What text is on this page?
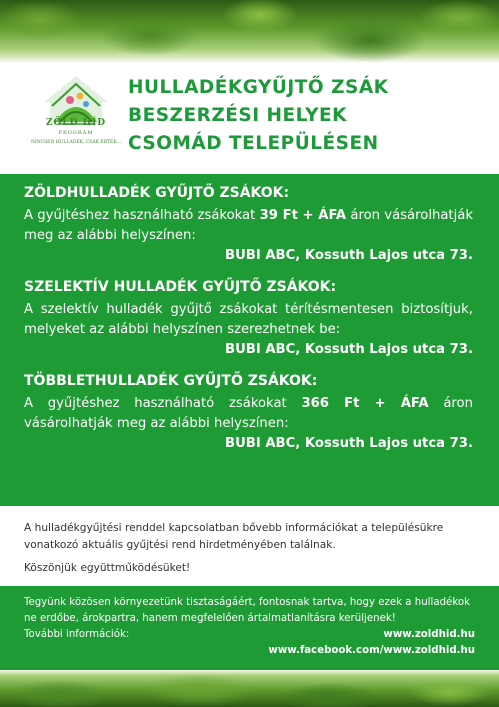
ZÖLD HÍD
PROGRAM
NINCSEN HULLADÉK, CSAK ÉRTÉK...
HULLADÉKGYŰJTŐ ZSÁK
BESZERZÉSI HELYEK
CSOMÁD TELEPÜLÉSEN
ZÖLDHULLADÉK GYŰJTŐ ZSÁKOK:
A gyűjtéshez használható zsákokat 39 Ft + ÁFA áron vásárolhatják meg az alábbi helyszínen:
BUBI ABC, Kossuth Lajos utca 73.
SZELEKTÍV HULLADÉK GYŰJTŐ ZSÁKOK:
A szelektív hulladék gyűjtő zsákokat térítésmentesen biztosítjuk, melyeket az alábbi helyszínen szerezhetnek be:
BUBI ABC, Kossuth Lajos utca 73.
TÖBBLETHULLADÉK GYŰJTŐ ZSÁKOK:
A gyűjtéshez használható zsákokat 366 Ft + ÁFA áron vásárolhatják meg az alábbi helyszínen:
BUBI ABC, Kossuth Lajos utca 73.
A hulladékgyűjtési renddel kapcsolatban bővebb információkat a településükre vonatkozó aktuális gyűjtési rend hirdetményében találnak.
Köszönjük együttműködésüket!
Tegyünk közösen környezetünk tisztaságáért, fontosnak tartva, hogy ezek a hulladékok ne erdőbe, árokpartra, hanem megfelelően ártalmatlanításra kerüljenek!
További információk:	www.zoldhid.hu
www.facebook.com/www.zoldhid.hu
